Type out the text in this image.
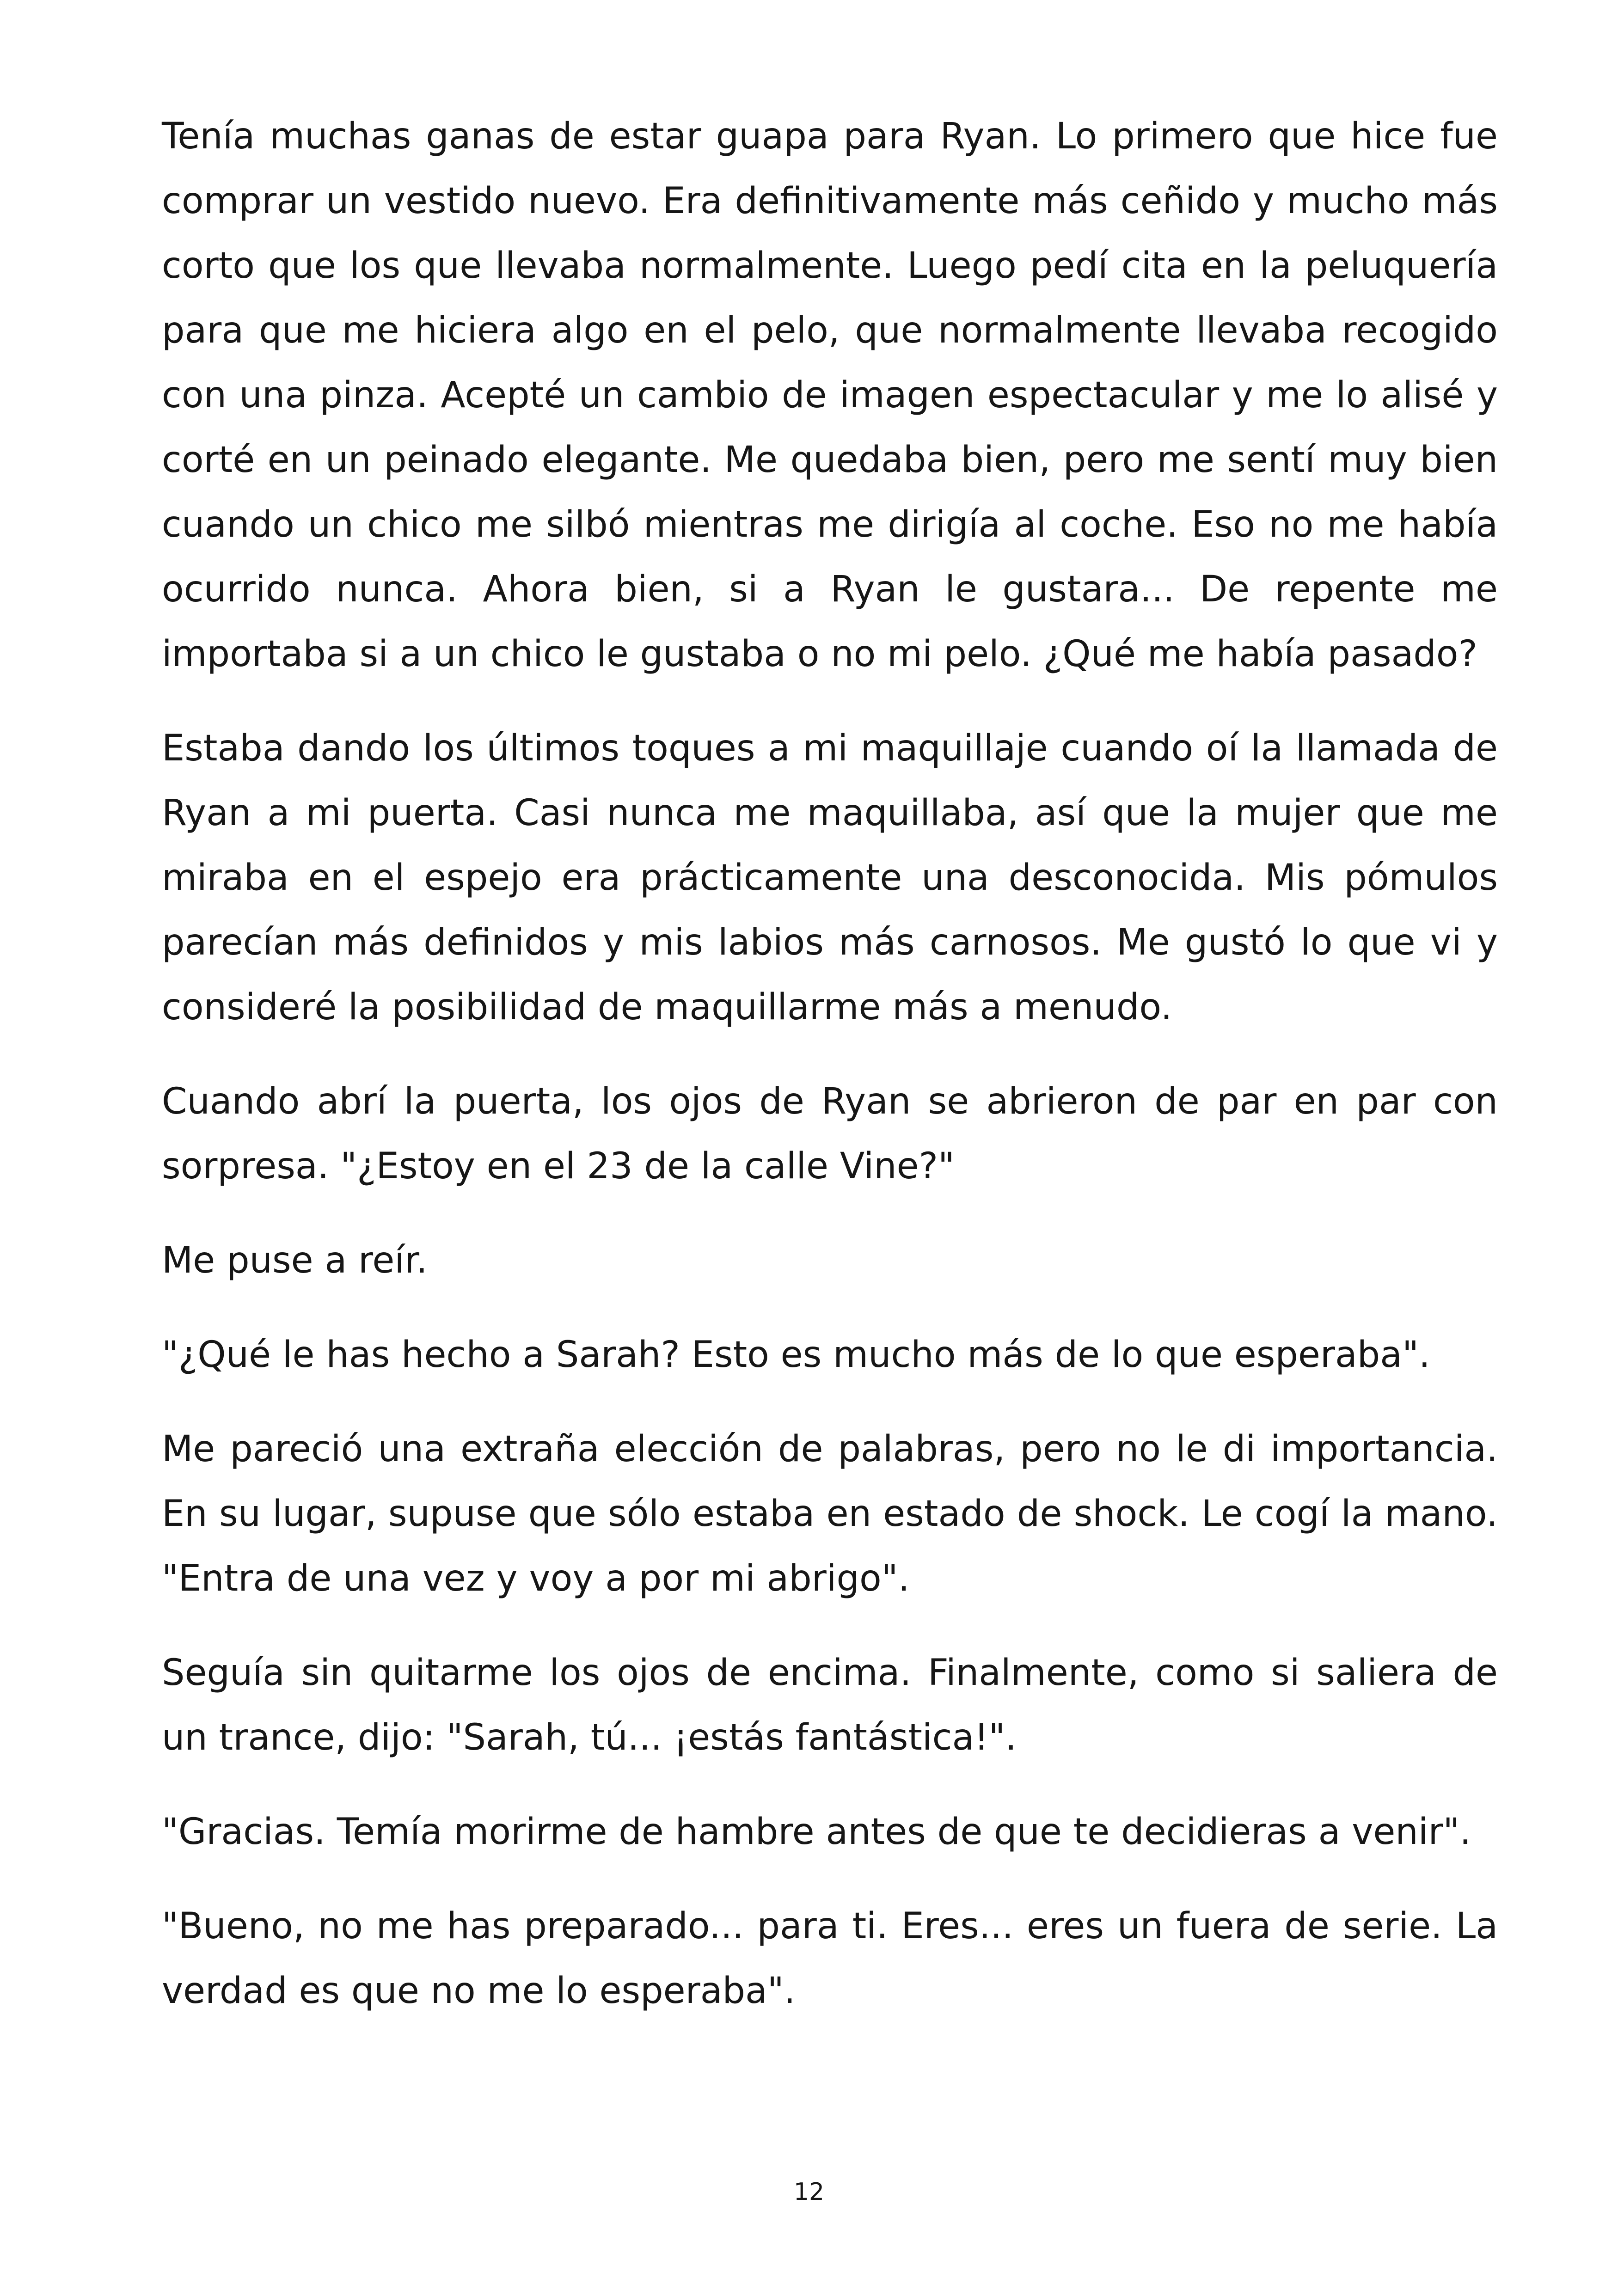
Tenía muchas ganas de estar guapa para Ryan. Lo primero que hice fue comprar un vestido nuevo. Era definitivamente más ceñido y mucho más corto que los que llevaba normalmente. Luego pedí cita en la peluquería para que me hiciera algo en el pelo, que normalmente llevaba recogido con una pinza. Acepté un cambio de imagen espectacular y me lo alisé y corté en un peinado elegante. Me quedaba bien, pero me sentí muy bien cuando un chico me silbó mientras me dirigía al coche. Eso no me había ocurrido nunca. Ahora bien, si a Ryan le gustara... De repente me importaba si a un chico le gustaba o no mi pelo. ¿Qué me había pasado?

Estaba dando los últimos toques a mi maquillaje cuando oí la llamada de Ryan a mi puerta. Casi nunca me maquillaba, así que la mujer que me miraba en el espejo era prácticamente una desconocida. Mis pómulos parecían más definidos y mis labios más carnosos. Me gustó lo que vi y consideré la posibilidad de maquillarme más a menudo.

Cuando abrí la puerta, los ojos de Ryan se abrieron de par en par con sorpresa. "¿Estoy en el 23 de la calle Vine?"

Me puse a reír.

"¿Qué le has hecho a Sarah? Esto es mucho más de lo que esperaba".

Me pareció una extraña elección de palabras, pero no le di importancia. En su lugar, supuse que sólo estaba en estado de shock. Le cogí la mano. "Entra de una vez y voy a por mi abrigo".

Seguía sin quitarme los ojos de encima. Finalmente, como si saliera de un trance, dijo: "Sarah, tú... ¡estás fantástica!".

"Gracias. Temía morirme de hambre antes de que te decidieras a venir".

"Bueno, no me has preparado... para ti. Eres... eres un fuera de serie. La verdad es que no me lo esperaba".

12
